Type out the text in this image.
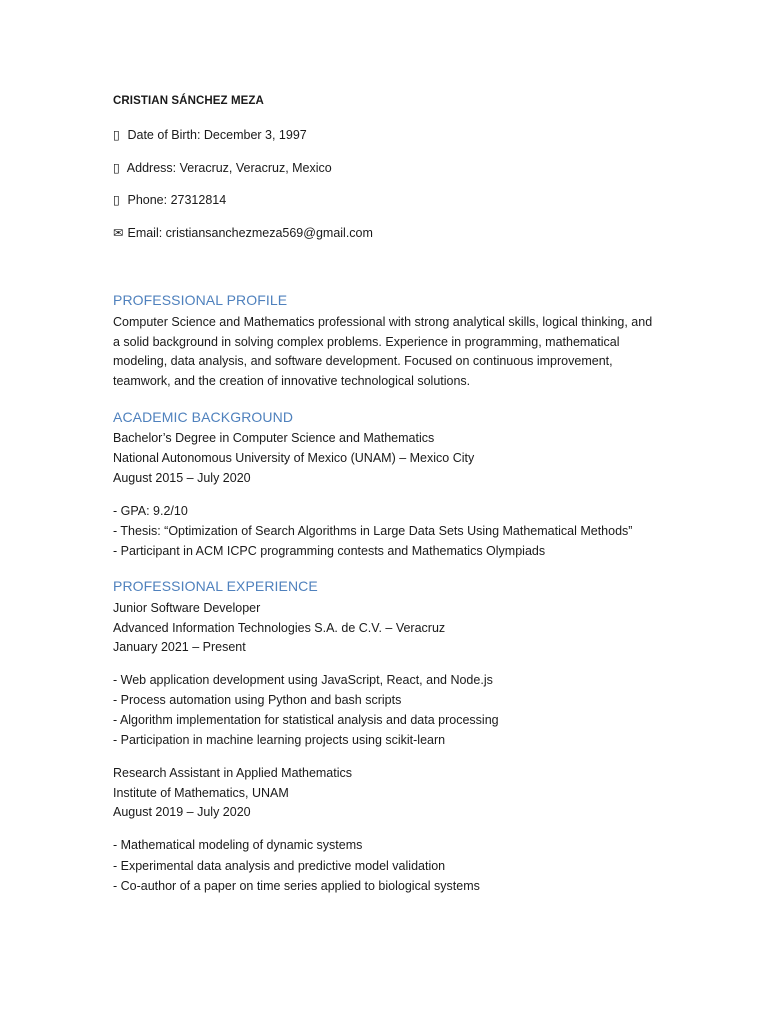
CRISTIAN SÁNCHEZ MEZA
▯ Date of Birth: December 3, 1997
▯ Address: Veracruz, Veracruz, Mexico
▯ Phone: 27312814
✉ Email: cristiansanchezmeza569@gmail.com
PROFESSIONAL PROFILE
Computer Science and Mathematics professional with strong analytical skills, logical thinking, and a solid background in solving complex problems. Experience in programming, mathematical modeling, data analysis, and software development. Focused on continuous improvement, teamwork, and the creation of innovative technological solutions.
ACADEMIC BACKGROUND
Bachelor’s Degree in Computer Science and Mathematics
National Autonomous University of Mexico (UNAM) – Mexico City
August 2015 – July 2020
- GPA: 9.2/10
- Thesis: “Optimization of Search Algorithms in Large Data Sets Using Mathematical Methods”
- Participant in ACM ICPC programming contests and Mathematics Olympiads
PROFESSIONAL EXPERIENCE
Junior Software Developer
Advanced Information Technologies S.A. de C.V. – Veracruz
January 2021 – Present
- Web application development using JavaScript, React, and Node.js
- Process automation using Python and bash scripts
- Algorithm implementation for statistical analysis and data processing
- Participation in machine learning projects using scikit-learn
Research Assistant in Applied Mathematics
Institute of Mathematics, UNAM
August 2019 – July 2020
- Mathematical modeling of dynamic systems
- Experimental data analysis and predictive model validation
- Co-author of a paper on time series applied to biological systems
